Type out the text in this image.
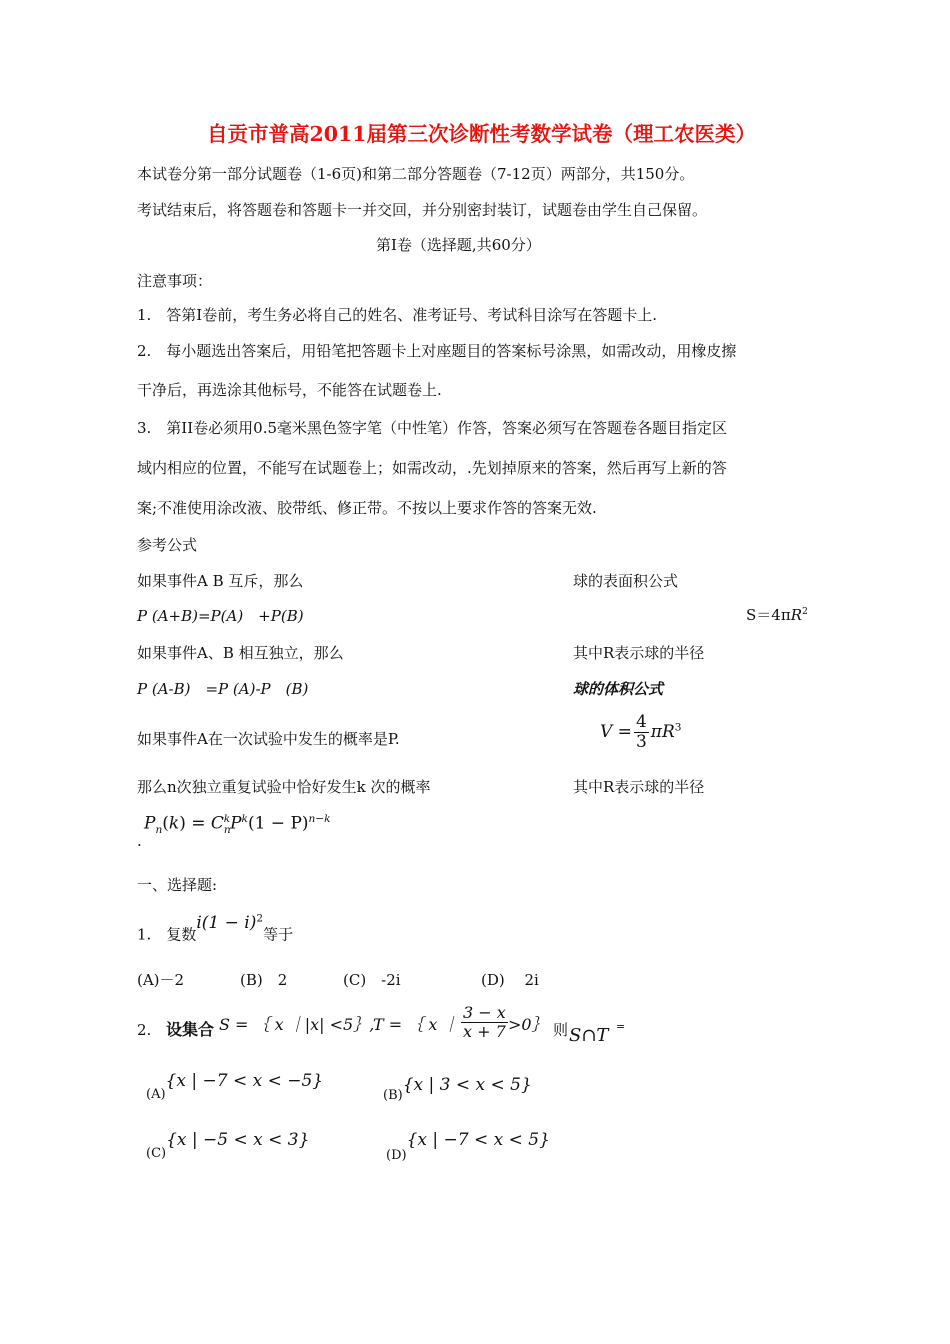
自贡市普高2011届第三次诊断性考数学试卷（理工农医类）
本试卷分第一部分试题卷（1-6页)和第二部分答题卷（7-12页）两部分，共150分。
考试结束后，将答题卷和答题卡一并交回，并分别密封装订，试题卷由学生自己保留。
第I卷（选择题,共60分）
注意事项：
1.　答第I卷前，考生务必将自己的姓名、准考证号、考试科目涂写在答题卡上.
2.　每小题选出答案后，用铅笔把答题卡上对座题目的答案标号涂黑，如需改动，用橡皮擦
干净后，再选涂其他标号，不能答在试题卷上.
3.　第II卷必须用0.5毫米黑色签字笔（中性笔）作答，答案必须写在答题卷各题目指定区
域内相应的位置，不能写在试题卷上；如需改动，.先划掉原来的答案，然后再写上新的答
案;不准使用涂改液、胶带纸、修正带。不按以上要求作答的答案无效.
参考公式
如果事件A B 互斥，那么
P (A+B)=P(A)　+P(B)
如果事件A、B 相互独立，那么
P (A-B)　=P (A)-P　(B)
如果事件A在一次试验中发生的概率是P.
那么n次独立重复试验中恰好发生k 次的概率
$P_n(k) = C_n^kP^k(1 - P)^{n-k}$
.
球的表面积公式
$S=4\pi R^2$
其中R表示球的半径
球的体积公式
$V = \frac{4}{3} \pi R^3$
其中R表示球的半径
一、选择题:
1.　 复数$i(1 - i)^2$等于
(A)－2	(B)　2	(C)　-2i	(D)　 2i
2. 设集合 S = ｛ x ｜|x| <5｝,
T = ｛ x ｜ $\frac{3 - x}{x + 7}$ >0｝ 则 S∩T =
(A){x | −7 < x < −5}
(B){x | 3 < x < 5}
(C){x | −5 < x < 3}
(D){x | −7 < x < 5}
